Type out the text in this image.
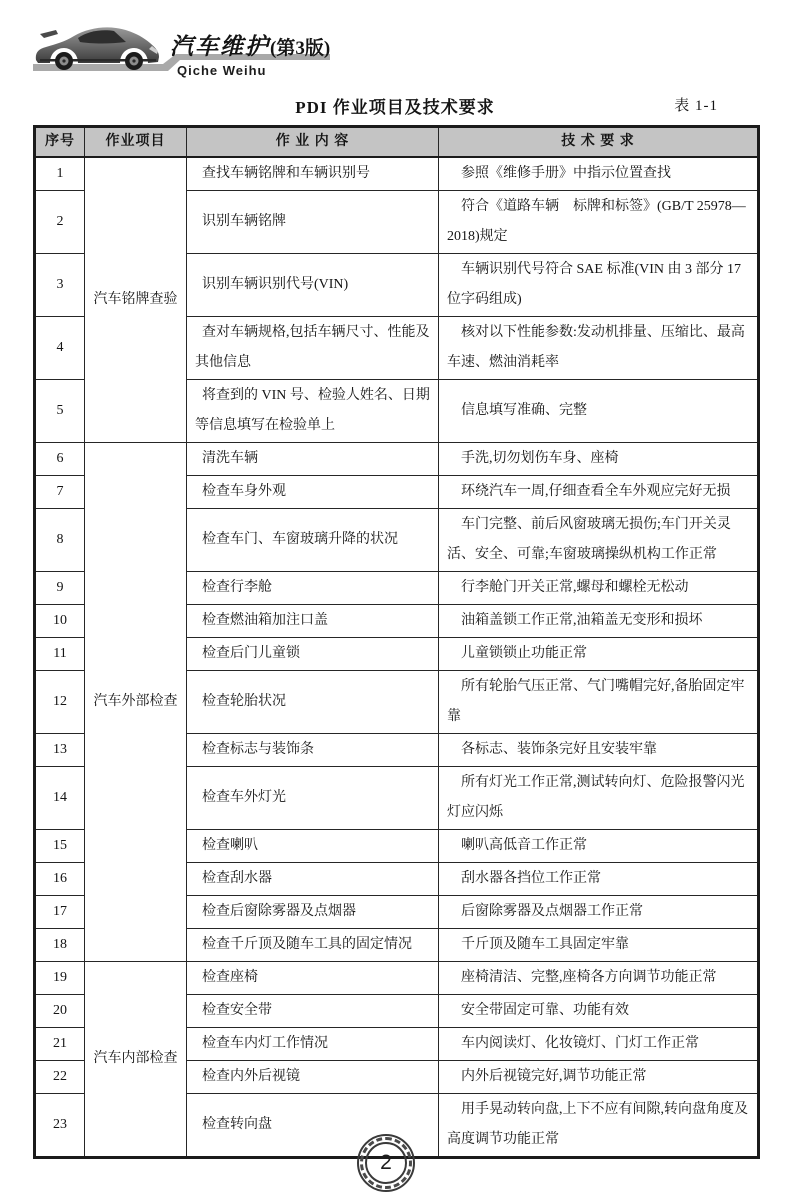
汽车维护(第3版)
Qiche Weihu
PDI 作业项目及技术要求	表 1-1
序号	作业项目	作 业 内 容	技 术 要 求
1	汽车铭牌查验	查找车辆铭牌和车辆识别号	参照《维修手册》中指示位置查找

2		识别车辆铭牌	符合《道路车辆　标牌和标签》(GB/T 25978—2018)规定

3		识别车辆识别代号(VIN)	车辆识别代号符合 SAE 标准(VIN 由 3 部分 17 位字码组成)

4		查对车辆规格,包括车辆尺寸、性能及其他信息	核对以下性能参数:发动机排量、压缩比、最高车速、燃油消耗率

5		将查到的 VIN 号、检验人姓名、日期等信息填写在检验单上	信息填写准确、完整

6	汽车外部检查	清洗车辆	手洗,切勿划伤车身、座椅

7		检查车身外观	环绕汽车一周,仔细查看全车外观应完好无损

8		检查车门、车窗玻璃升降的状况	车门完整、前后风窗玻璃无损伤;车门开关灵活、安全、可靠;车窗玻璃操纵机构工作正常

9		检查行李舱	行李舱门开关正常,螺母和螺栓无松动

10		检查燃油箱加注口盖	油箱盖锁工作正常,油箱盖无变形和损坏

11		检查后门儿童锁	儿童锁锁止功能正常

12		检查轮胎状况	所有轮胎气压正常、气门嘴帽完好,备胎固定牢靠

13		检查标志与装饰条	各标志、装饰条完好且安装牢靠

14		检查车外灯光	所有灯光工作正常,测试转向灯、危险报警闪光灯应闪烁

15		检查喇叭	喇叭高低音工作正常

16		检查刮水器	刮水器各挡位工作正常

17		检查后窗除雾器及点烟器	后窗除雾器及点烟器工作正常

18		检查千斤顶及随车工具的固定情况	千斤顶及随车工具固定牢靠

19	汽车内部检查	检查座椅	座椅清洁、完整,座椅各方向调节功能正常

20		检查安全带	安全带固定可靠、功能有效

21		检查车内灯工作情况	车内阅读灯、化妆镜灯、门灯工作正常

22		检查内外后视镜	内外后视镜完好,调节功能正常

23		检查转向盘	用手晃动转向盘,上下不应有间隙,转向盘角度及高度调节功能正常

2
